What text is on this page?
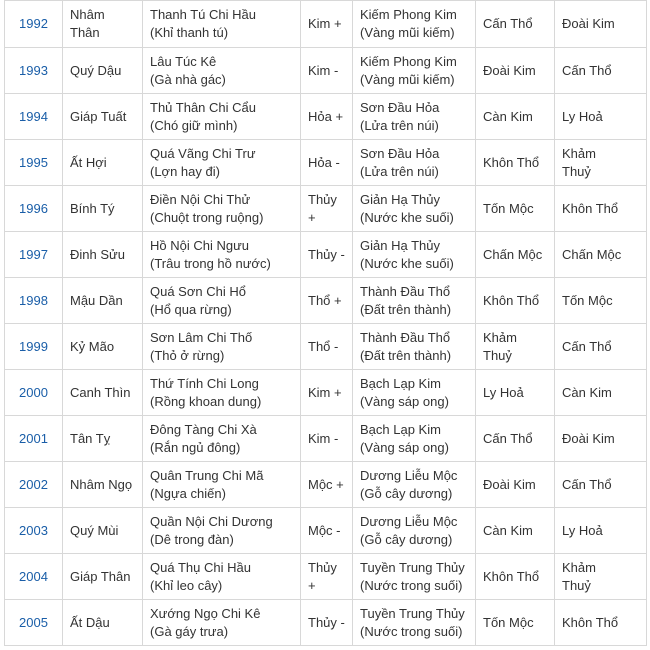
1992	Nhâm
Thân	Thanh Tú Chi Hầu
(Khỉ thanh tú)	Kim +	Kiếm Phong Kim
(Vàng mũi kiếm)	Cấn Thổ	Đoài Kim

1993	Quý Dậu	Lâu Túc Kê
(Gà nhà gác)	Kim -	Kiếm Phong Kim
(Vàng mũi kiếm)	Đoài Kim	Cấn Thổ

1994	Giáp Tuất	Thủ Thân Chi Cẩu
(Chó giữ mình)	Hỏa +	Sơn Đầu Hỏa
(Lửa trên núi)	Càn Kim	Ly Hoả

1995	Ất Hợi	Quá Vãng Chi Trư
(Lợn hay đi)	Hỏa -	Sơn Đầu Hỏa
(Lửa trên núi)	Khôn Thổ	Khảm
Thuỷ

1996	Bính Tý	Điền Nội Chi Thử
(Chuột trong ruộng)	Thủy
+	Giản Hạ Thủy
(Nước khe suối)	Tốn Mộc	Khôn Thổ

1997	Đinh Sửu	Hồ Nội Chi Ngưu
(Trâu trong hồ nước)	Thủy -	Giản Hạ Thủy
(Nước khe suối)	Chấn Mộc	Chấn Mộc

1998	Mậu Dần	Quá Sơn Chi Hổ
(Hổ qua rừng)	Thổ +	Thành Đầu Thổ
(Đất trên thành)	Khôn Thổ	Tốn Mộc

1999	Kỷ Mão	Sơn Lâm Chi Thố
(Thỏ ở rừng)	Thổ -	Thành Đầu Thổ
(Đất trên thành)	Khảm
Thuỷ	Cấn Thổ

2000	Canh Thìn	Thứ Tính Chi Long
(Rồng khoan dung)	Kim +	Bạch Lạp Kim
(Vàng sáp ong)	Ly Hoả	Càn Kim

2001	Tân Tỵ	Đông Tàng Chi Xà
(Rắn ngủ đông)	Kim -	Bạch Lạp Kim
(Vàng sáp ong)	Cấn Thổ	Đoài Kim

2002	Nhâm Ngọ	Quân Trung Chi Mã
(Ngựa chiến)	Mộc +	Dương Liễu Mộc
(Gỗ cây dương)	Đoài Kim	Cấn Thổ

2003	Quý Mùi	Quần Nội Chi Dương
(Dê trong đàn)	Mộc -	Dương Liễu Mộc
(Gỗ cây dương)	Càn Kim	Ly Hoả

2004	Giáp Thân	Quá Thụ Chi Hầu
(Khỉ leo cây)	Thủy
+	Tuyền Trung Thủy
(Nước trong suối)	Khôn Thổ	Khảm
Thuỷ

2005	Ất Dậu	Xướng Ngọ Chi Kê
(Gà gáy trưa)	Thủy -	Tuyền Trung Thủy
(Nước trong suối)	Tốn Mộc	Khôn Thổ
